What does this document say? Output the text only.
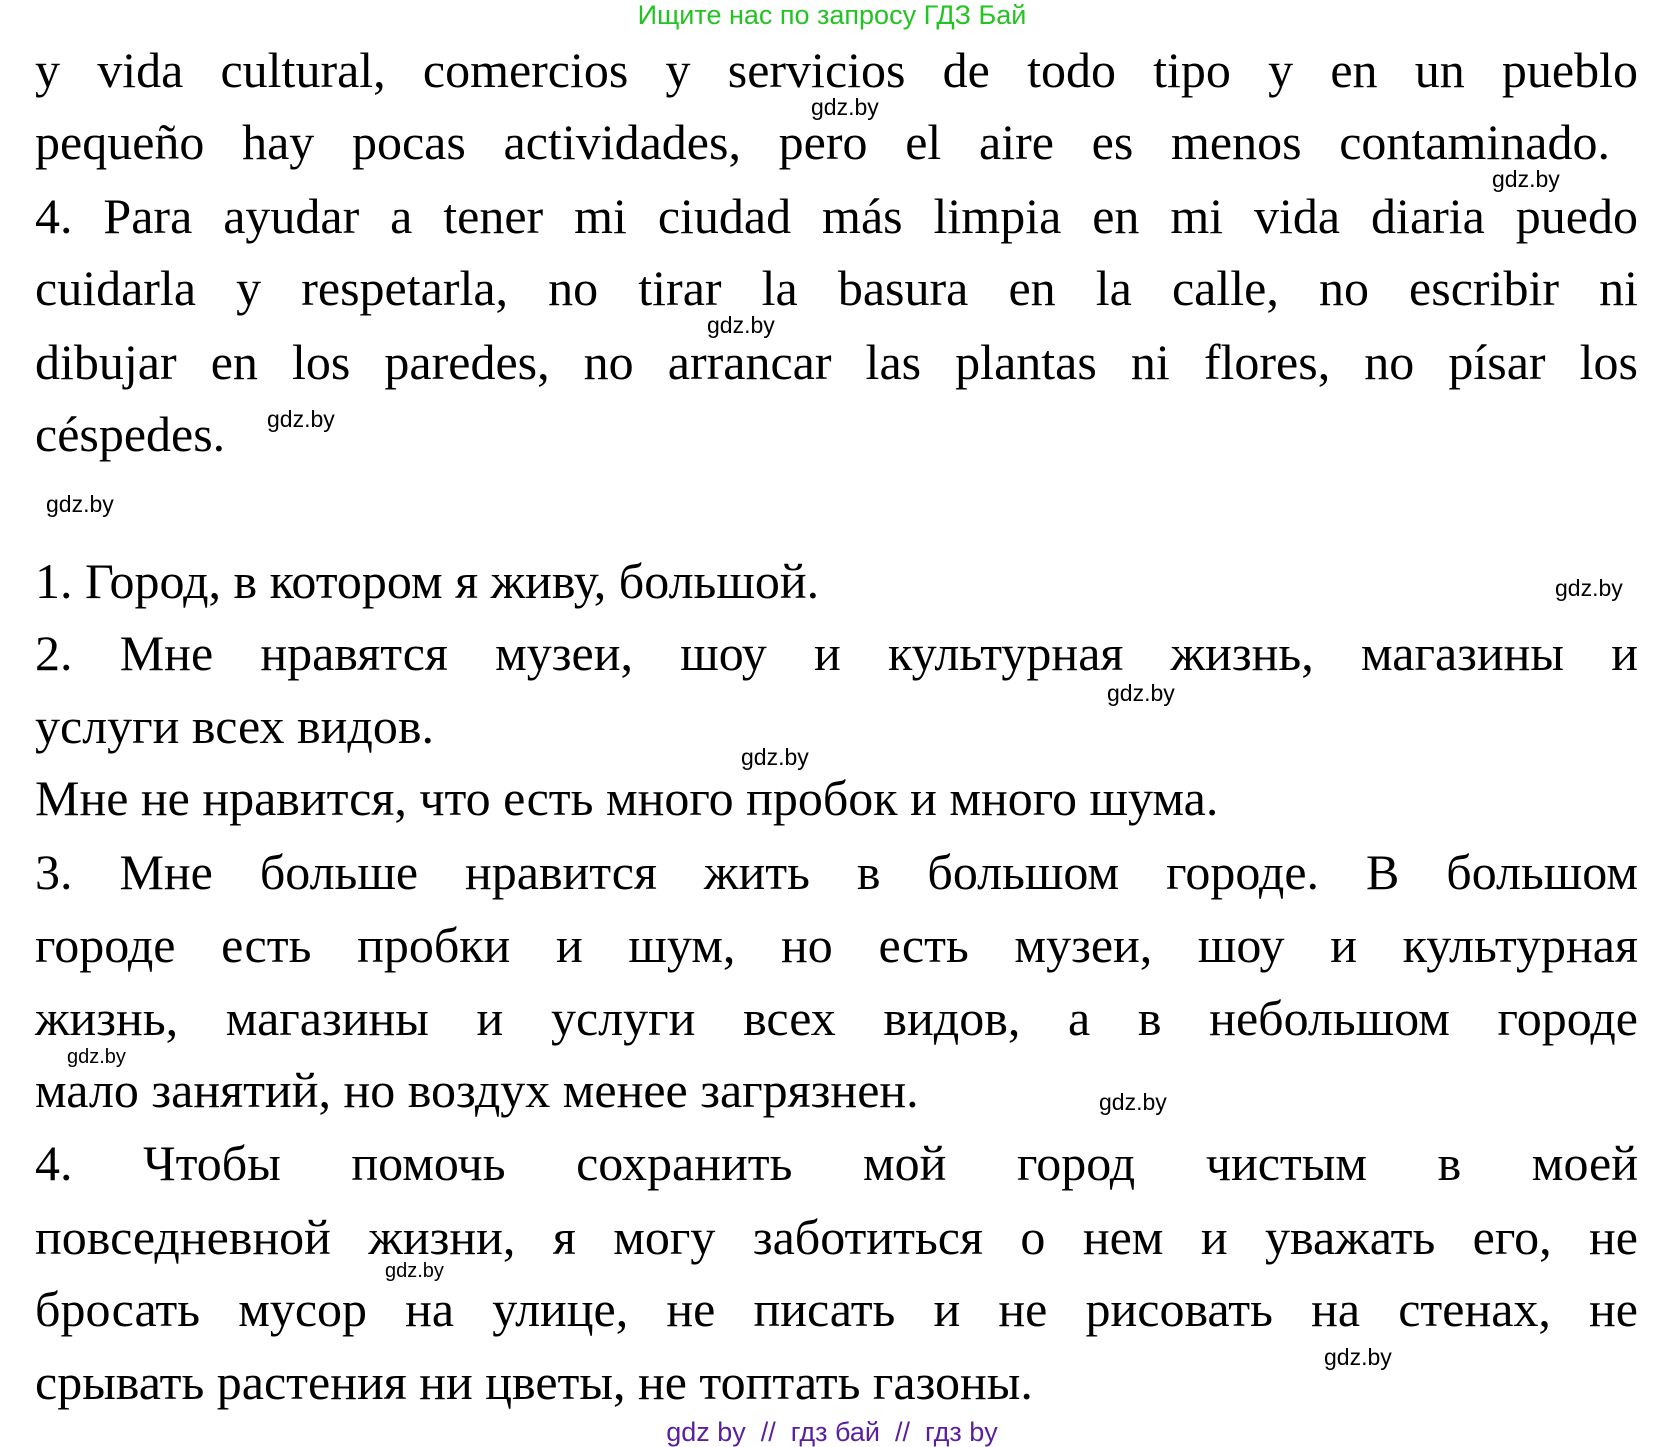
Ищите нас по запросу ГДЗ Бай
y vida cultural, comercios y servicios de todo tipo y en un pueblo
pequeño hay pocas actividades, pero el aire es menos contaminado.
4. Para ayudar a tener mi ciudad más limpia en mi vida diaria puedo
cuidarla y respetarla, no tirar la basura en la calle, no escribir ni
dibujar en los paredes, no arrancar las plantas ni flores, no písar los
céspedes.
1. Город, в котором я живу, большой.
2. Мне нравятся музеи, шоу и культурная жизнь, магазины и
услуги всех видов.
Мне не нравится, что есть много пробок и много шума.
3. Мне больше нравится жить в большом городе. В большом
городе есть пробки и шум, но есть музеи, шоу и культурная
жизнь, магазины и услуги всех видов, а в небольшом городе
мало занятий, но воздух менее загрязнен.
4. Чтобы помочь сохранить мой город чистым в моей
повседневной жизни, я могу заботиться о нем и уважать его, не
бросать мусор на улице, не писать и не рисовать на стенах, не
срывать растения ни цветы, не топтать газоны.
gdz.by
gdz.by
gdz.by
gdz.by
gdz.by
gdz.by
gdz.by
gdz.by
gdz.by
gdz.by
gdz.by
gdz.by
gdz by  //  гдз бай  //  гдз by
